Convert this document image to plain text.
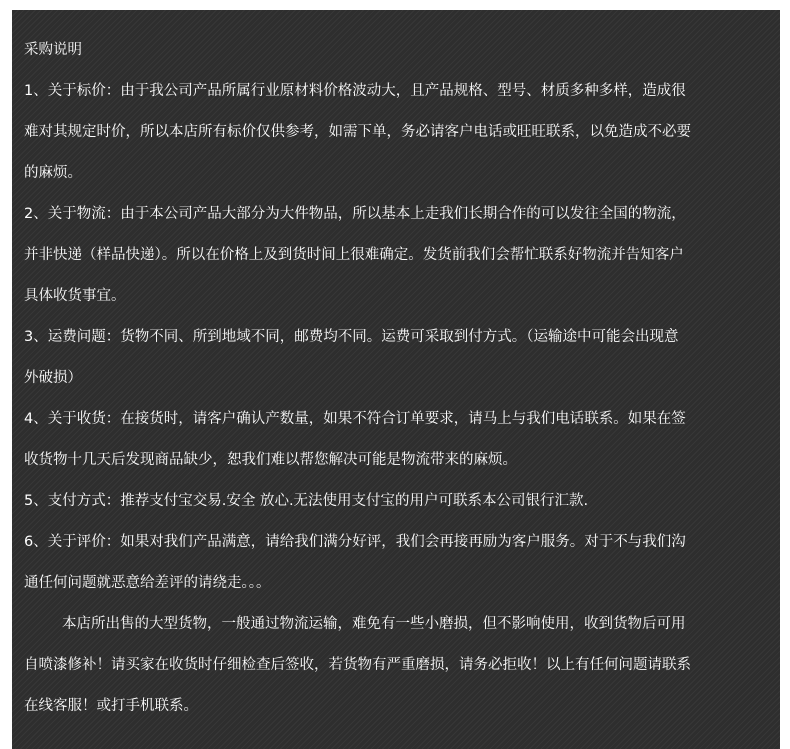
采购说明
1、关于标价：由于我公司产品所属行业原材料价格波动大，且产品规格、型号、材质多种多样，造成很
难对其规定时价，所以本店所有标价仅供参考，如需下单，务必请客户电话或旺旺联系，以免造成不必要
的麻烦。
2、关于物流：由于本公司产品大部分为大件物品，所以基本上走我们长期合作的可以发往全国的物流，
并非快递（样品快递）。所以在价格上及到货时间上很难确定。发货前我们会帮忙联系好物流并告知客户
具体收货事宜。
3、运费问题：货物不同、所到地域不同，邮费均不同。运费可采取到付方式。（运输途中可能会出现意
外破损）
4、关于收货：在接货时，请客户确认产数量，如果不符合订单要求，请马上与我们电话联系。如果在签
收货物十几天后发现商品缺少，恕我们难以帮您解决可能是物流带来的麻烦。
5、支付方式：推荐支付宝交易.安全 放心.无法使用支付宝的用户可联系本公司银行汇款.
6、关于评价：如果对我们产品满意，请给我们满分好评，我们会再接再励为客户服务。对于不与我们沟
通任何问题就恶意给差评的请绕走。。。
本店所出售的大型货物，一般通过物流运输，难免有一些小磨损，但不影响使用，收到货物后可用
自喷漆修补！请买家在收货时仔细检查后签收，若货物有严重磨损，请务必拒收！以上有任何问题请联系
在线客服！或打手机联系。
